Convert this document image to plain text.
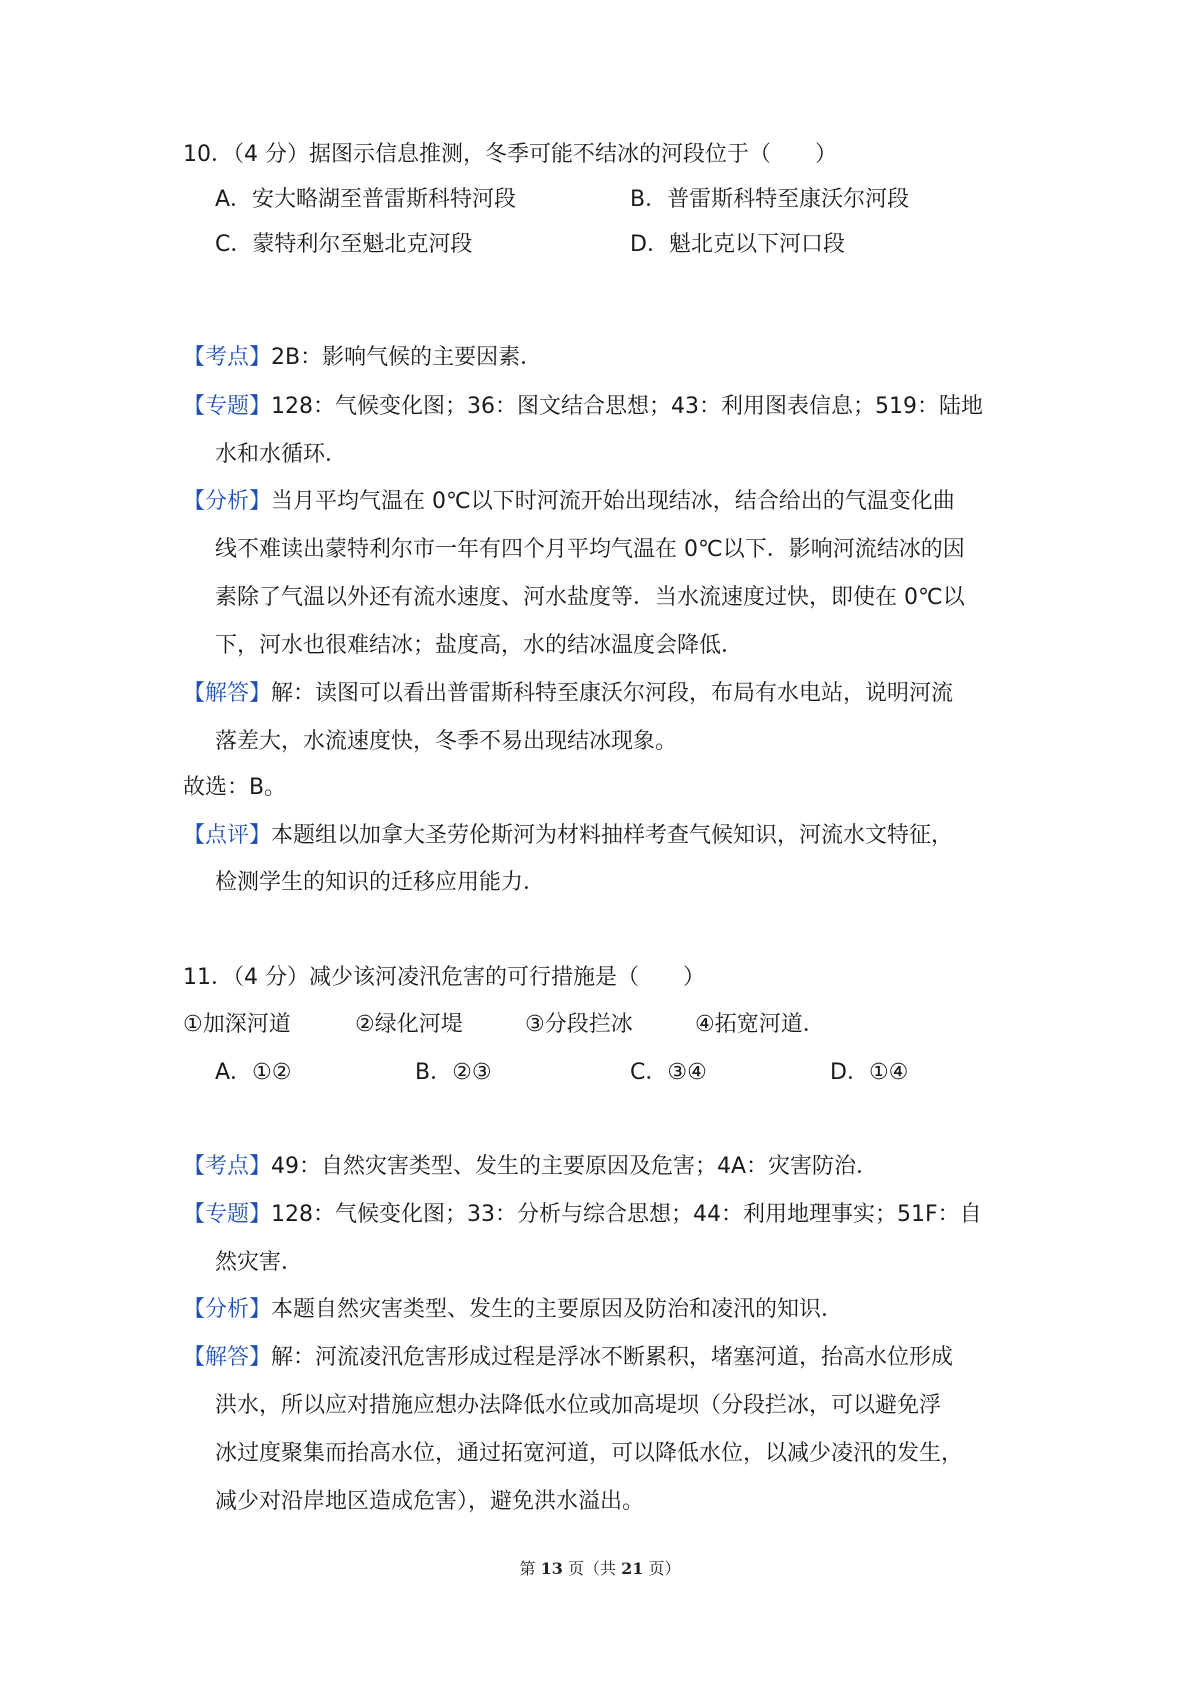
10．（4 分）据图示信息推测，冬季可能不结冰的河段位于（　　）
A．安大略湖至普雷斯科特河段	B．普雷斯科特至康沃尔河段
C．蒙特利尔至魁北克河段	D．魁北克以下河口段
【考点】2B：影响气候的主要因素．
【专题】128：气候变化图；36：图文结合思想；43：利用图表信息；519：陆地
水和水循环．
【分析】当月平均气温在 0℃以下时河流开始出现结冰，结合给出的气温变化曲
线不难读出蒙特利尔市一年有四个月平均气温在 0℃以下．影响河流结冰的因
素除了气温以外还有流水速度、河水盐度等．当水流速度过快，即使在 0℃以
下，河水也很难结冰；盐度高，水的结冰温度会降低．
【解答】解：读图可以看出普雷斯科特至康沃尔河段，布局有水电站，说明河流
落差大，水流速度快，冬季不易出现结冰现象。
故选：B。
【点评】本题组以加拿大圣劳伦斯河为材料抽样考查气候知识，河流水文特征，
检测学生的知识的迁移应用能力．
11．（4 分）减少该河凌汛危害的可行措施是（　　）
①加深河道	②绿化河堤	③分段拦冰	④拓宽河道．
A．①②	B．②③	C．③④	D．①④
【考点】49：自然灾害类型、发生的主要原因及危害；4A：灾害防治．
【专题】128：气候变化图；33：分析与综合思想；44：利用地理事实；51F：自
然灾害．
【分析】本题自然灾害类型、发生的主要原因及防治和凌汛的知识．
【解答】解：河流凌汛危害形成过程是浮冰不断累积，堵塞河道，抬高水位形成
洪水，所以应对措施应想办法降低水位或加高堤坝（分段拦冰，可以避免浮
冰过度聚集而抬高水位，通过拓宽河道，可以降低水位，以减少凌汛的发生，
减少对沿岸地区造成危害），避免洪水溢出。
第 13 页（共 21 页）
